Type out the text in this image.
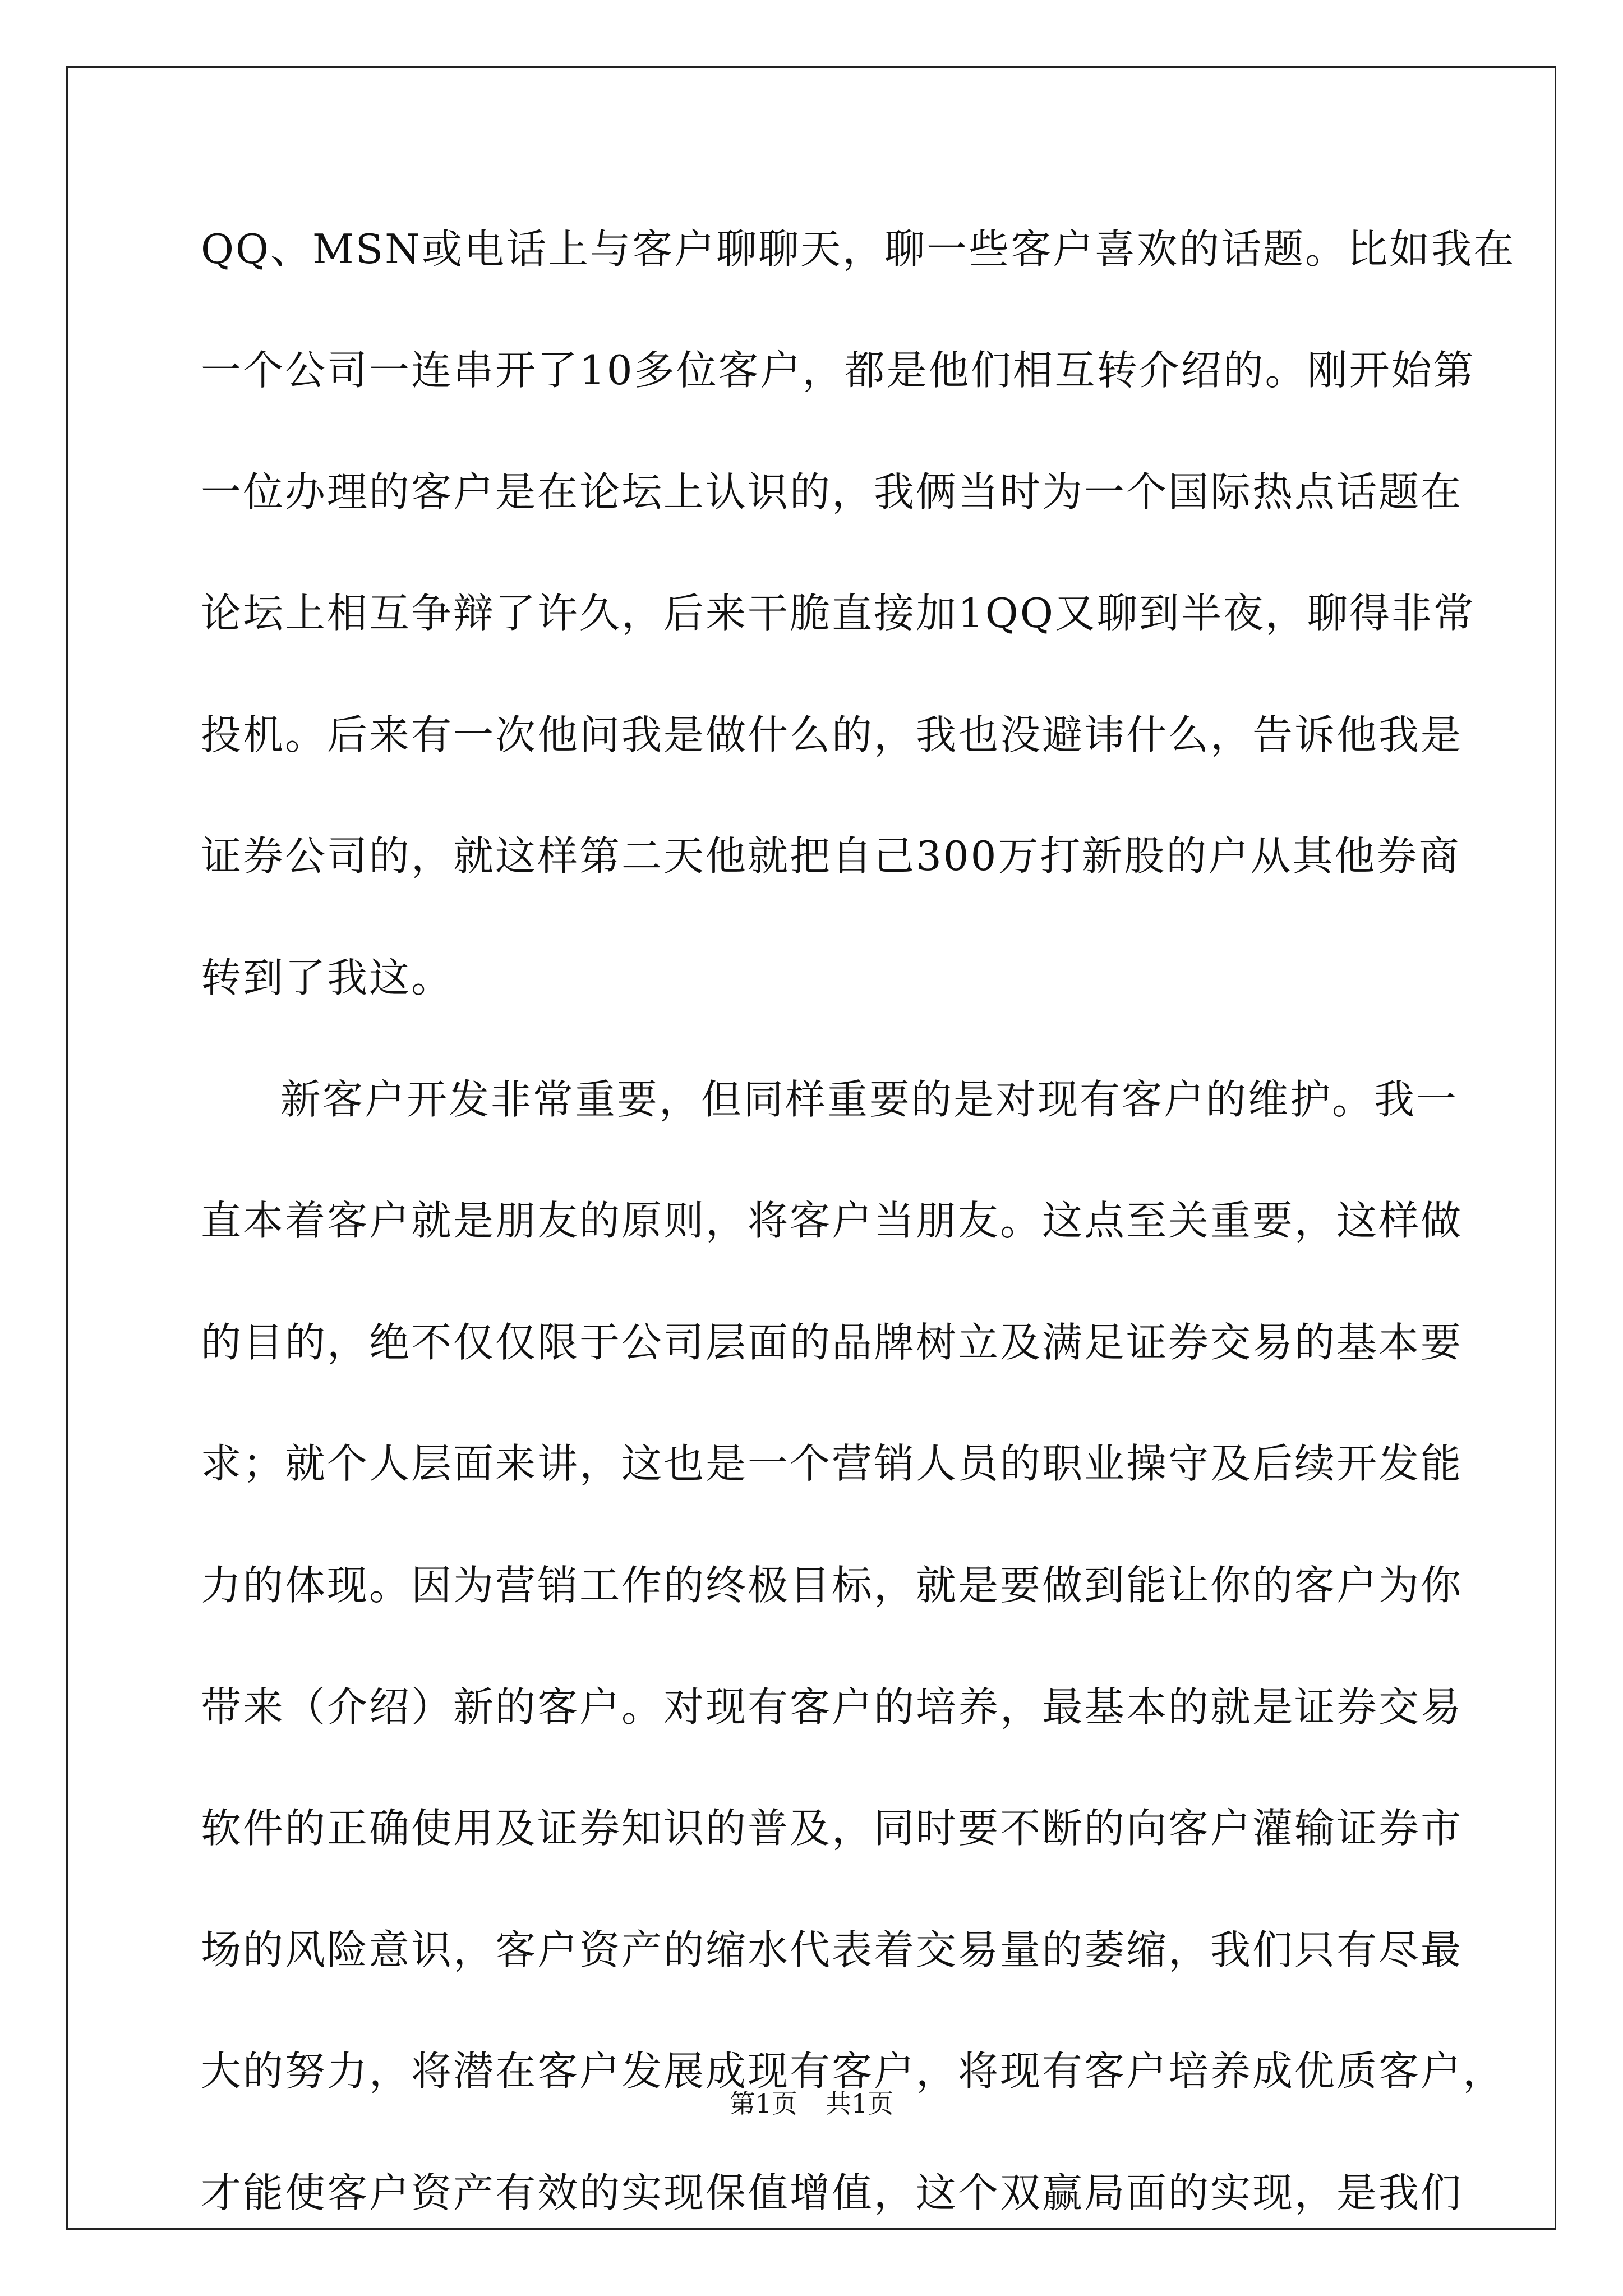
QQ、MSN或电话上与客户聊聊天，聊一些客户喜欢的话题。比如我在
一个公司一连串开了10多位客户，都是他们相互转介绍的。刚开始第
一位办理的客户是在论坛上认识的，我俩当时为一个国际热点话题在
论坛上相互争辩了许久，后来干脆直接加1QQ又聊到半夜，聊得非常
投机。后来有一次他问我是做什么的，我也没避讳什么，告诉他我是
证券公司的，就这样第二天他就把自己300万打新股的户从其他券商
转到了我这。
新客户开发非常重要，但同样重要的是对现有客户的维护。我一
直本着客户就是朋友的原则，将客户当朋友。这点至关重要，这样做
的目的，绝不仅仅限于公司层面的品牌树立及满足证券交易的基本要
求；就个人层面来讲，这也是一个营销人员的职业操守及后续开发能
力的体现。因为营销工作的终极目标，就是要做到能让你的客户为你
带来（介绍）新的客户。对现有客户的培养，最基本的就是证券交易
软件的正确使用及证券知识的普及，同时要不断的向客户灌输证券市
场的风险意识，客户资产的缩水代表着交易量的萎缩，我们只有尽最
大的努力，将潜在客户发展成现有客户，将现有客户培养成优质客户，
才能使客户资产有效的实现保值增值，这个双赢局面的实现，是我们
第1页 共1页
